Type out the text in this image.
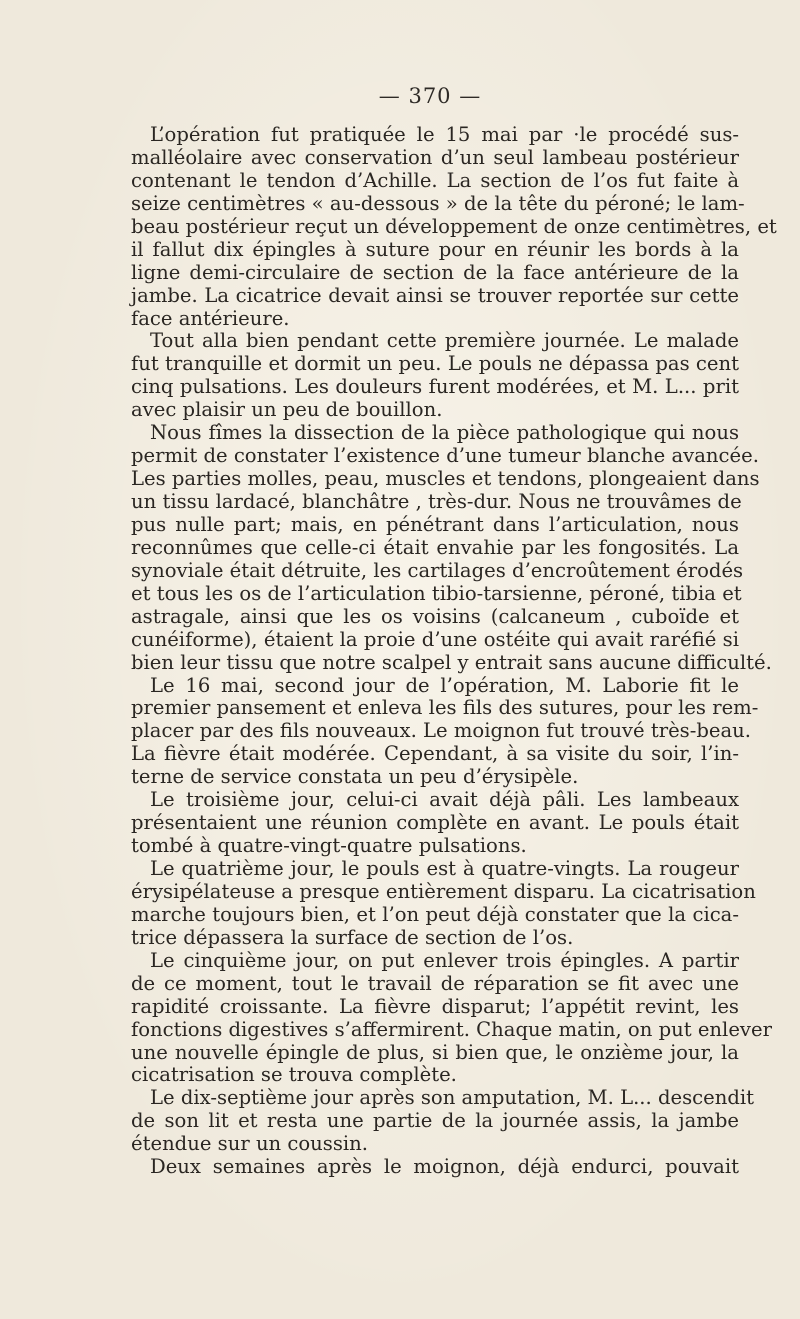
— 370 —
L’opération fut pratiquée le 15 mai par ·le procédé sus-
malléolaire avec conservation d’un seul lambeau postérieur
contenant le tendon d’Achille. La section de l’os fut faite à
seize centimètres « au-dessous » de la tête du péroné; le lam-
beau postérieur reçut un développement de onze centimètres, et
il fallut dix épingles à suture pour en réunir les bords à la
ligne demi-circulaire de section de la face antérieure de la
jambe. La cicatrice devait ainsi se trouver reportée sur cette
face antérieure.
Tout alla bien pendant cette première journée. Le malade
fut tranquille et dormit un peu. Le pouls ne dépassa pas cent
cinq pulsations. Les douleurs furent modérées, et M. L... prit
avec plaisir un peu de bouillon.
Nous fîmes la dissection de la pièce pathologique qui nous
permit de constater l’existence d’une tumeur blanche avancée.
Les parties molles, peau, muscles et tendons, plongeaient dans
un tissu lardacé, blanchâtre , très-dur. Nous ne trouvâmes de
pus nulle part; mais, en pénétrant dans l’articulation, nous
reconnûmes que celle-ci était envahie par les fongosités. La
synoviale était détruite, les cartilages d’encroûtement érodés
et tous les os de l’articulation tibio-tarsienne, péroné, tibia et
astragale, ainsi que les os voisins (calcaneum , cuboïde et
cunéiforme), étaient la proie d’une ostéite qui avait raréfié si
bien leur tissu que notre scalpel y entrait sans aucune difficulté.
Le 16 mai, second jour de l’opération, M. Laborie fit le
premier pansement et enleva les fils des sutures, pour les rem-
placer par des fils nouveaux. Le moignon fut trouvé très-beau.
La fièvre était modérée. Cependant, à sa visite du soir, l’in-
terne de service constata un peu d’érysipèle.
Le troisième jour, celui-ci avait déjà pâli. Les lambeaux
présentaient une réunion complète en avant. Le pouls était
tombé à quatre-vingt-quatre pulsations.
Le quatrième jour, le pouls est à quatre-vingts. La rougeur
érysipélateuse a presque entièrement disparu. La cicatrisation
marche toujours bien, et l’on peut déjà constater que la cica-
trice dépassera la surface de section de l’os.
Le cinquième jour, on put enlever trois épingles. A partir
de ce moment, tout le travail de réparation se fit avec une
rapidité croissante. La fièvre disparut; l’appétit revint, les
fonctions digestives s’affermirent. Chaque matin, on put enlever
une nouvelle épingle de plus, si bien que, le onzième jour, la
cicatrisation se trouva complète.
Le dix-septième jour après son amputation, M. L... descendit
de son lit et resta une partie de la journée assis, la jambe
étendue sur un coussin.
Deux semaines après le moignon, déjà endurci, pouvait
